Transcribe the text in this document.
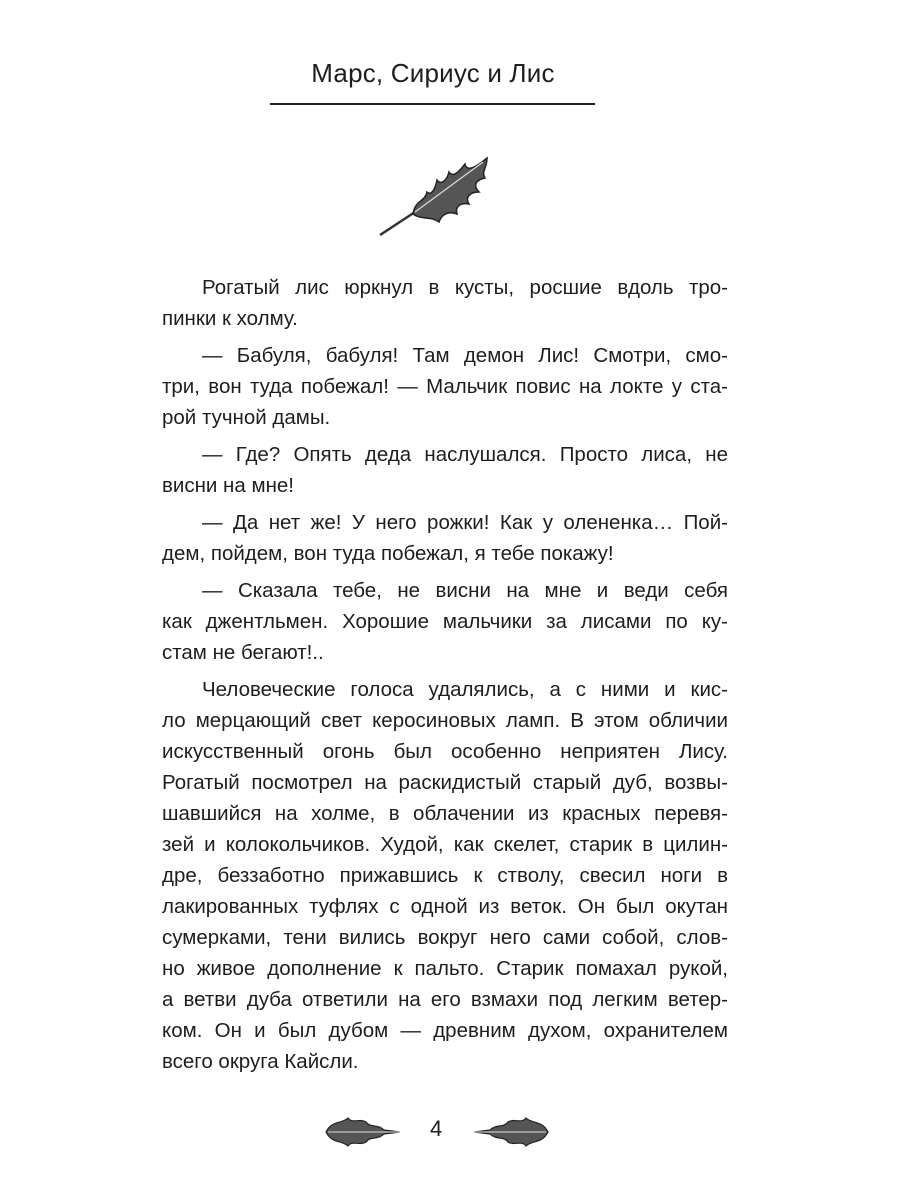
Марс, Сириус и Лис
Рогатый лис юркнул в кусты, росшие вдоль тро-
пинки к холму.
— Бабуля, бабуля! Там демон Лис! Смотри, смо-
три, вон туда побежал! — Мальчик повис на локте у ста-
рой тучной дамы.
— Где? Опять деда наслушался. Просто лиса, не
висни на мне!
— Да нет же! У него рожки! Как у олененка… Пой-
дем, пойдем, вон туда побежал, я тебе покажу!
— Сказала тебе, не висни на мне и веди себя
как джентльмен. Хорошие мальчики за лисами по ку-
стам не бегают!..
Человеческие голоса удалялись, а с ними и кис-
ло мерцающий свет керосиновых ламп. В этом обличии
искусственный огонь был особенно неприятен Лису.
Рогатый посмотрел на раскидистый старый дуб, возвы-
шавшийся на холме, в облачении из красных перевя-
зей и колокольчиков. Худой, как скелет, старик в цилин-
дре, беззаботно прижавшись к стволу, свесил ноги в
лакированных туфлях с одной из веток. Он был окутан
сумерками, тени вились вокруг него сами собой, слов-
но живое дополнение к пальто. Старик помахал рукой,
а ветви дуба ответили на его взмахи под легким ветер-
ком. Он и был дубом — древним духом, охранителем
всего округа Кайсли.
4
